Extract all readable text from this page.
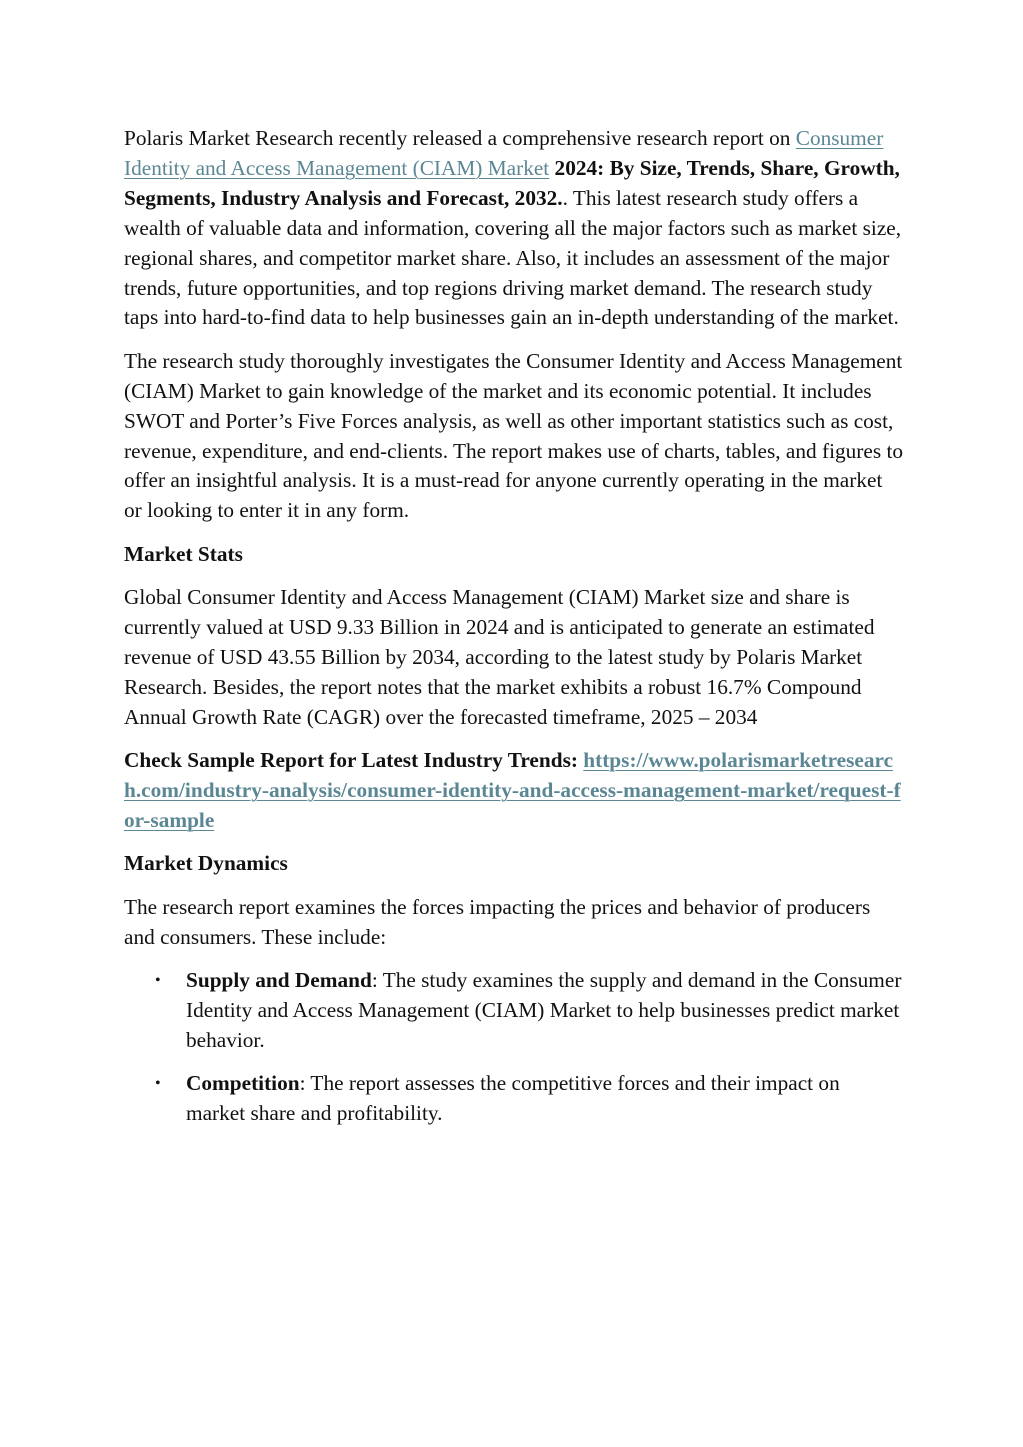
Polaris Market Research recently released a comprehensive research report on Consumer Identity and Access Management (CIAM) Market 2024: By Size, Trends, Share, Growth, Segments, Industry Analysis and Forecast, 2032.. This latest research study offers a wealth of valuable data and information, covering all the major factors such as market size, regional shares, and competitor market share. Also, it includes an assessment of the major trends, future opportunities, and top regions driving market demand. The research study taps into hard-to-find data to help businesses gain an in-depth understanding of the market.

The research study thoroughly investigates the Consumer Identity and Access Management (CIAM) Market to gain knowledge of the market and its economic potential. It includes SWOT and Porter’s Five Forces analysis, as well as other important statistics such as cost, revenue, expenditure, and end-clients. The report makes use of charts, tables, and figures to offer an insightful analysis. It is a must-read for anyone currently operating in the market or looking to enter it in any form.

Market Stats

Global Consumer Identity and Access Management (CIAM) Market size and share is currently valued at USD 9.33 Billion in 2024 and is anticipated to generate an estimated revenue of USD 43.55 Billion by 2034, according to the latest study by Polaris Market Research. Besides, the report notes that the market exhibits a robust 16.7% Compound Annual Growth Rate (CAGR) over the forecasted timeframe, 2025 – 2034

Check Sample Report for Latest Industry Trends: https://www.polarismarketresearch.com/industry-analysis/consumer-identity-and-access-management-market/request-for-sample

Market Dynamics

The research report examines the forces impacting the prices and behavior of producers and consumers. These include:

• Supply and Demand: The study examines the supply and demand in the Consumer Identity and Access Management (CIAM) Market to help businesses predict market behavior.
• Competition: The report assesses the competitive forces and their impact on market share and profitability.
